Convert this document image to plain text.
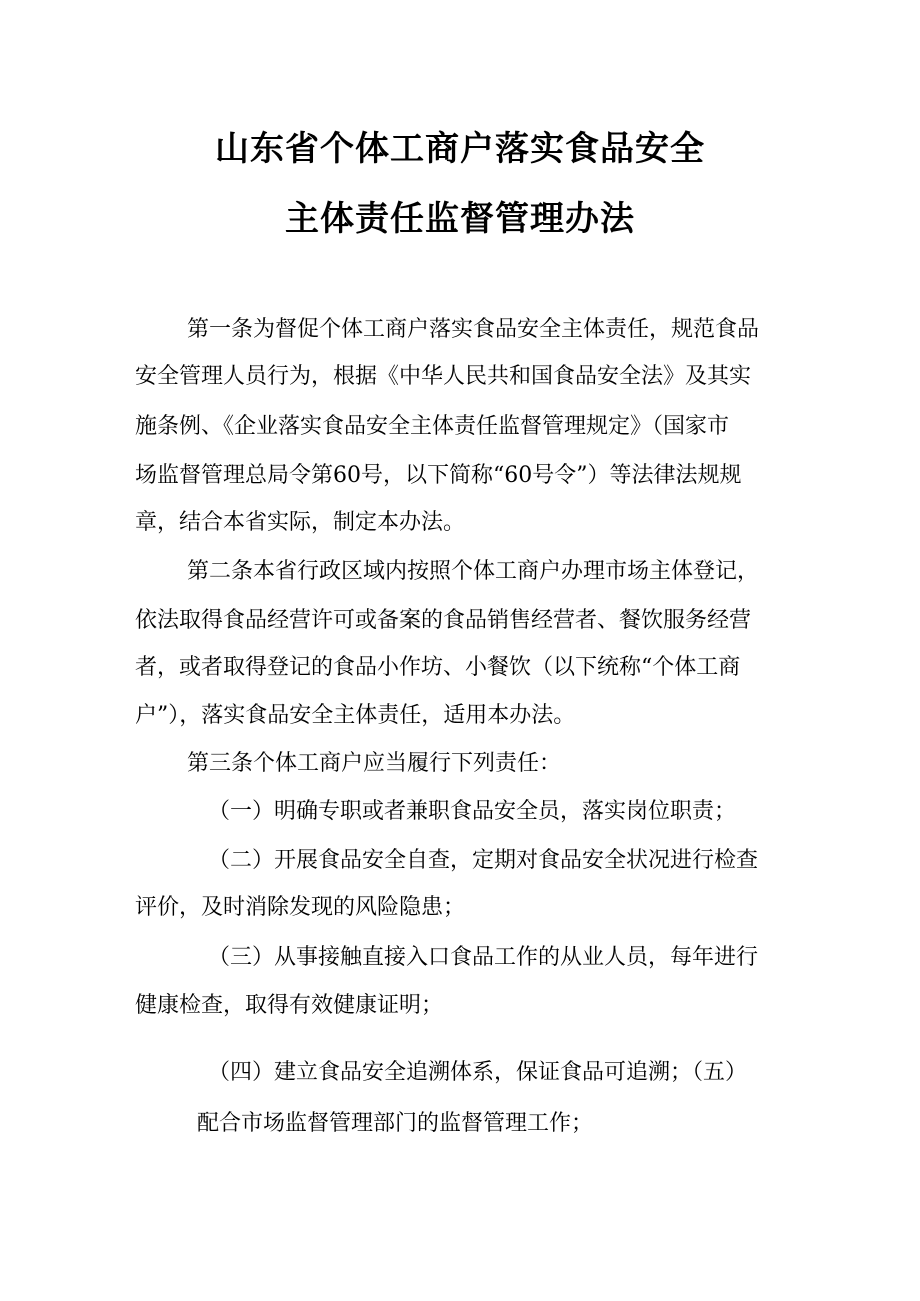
山东省个体工商户落实食品安全
主体责任监督管理办法
第一条为督促个体工商户落实食品安全主体责任，规范食品
安全管理人员行为，根据《中华人民共和国食品安全法》及其实
施条例、《企业落实食品安全主体责任监督管理规定》（国家市
场监督管理总局令第60号，以下简称“60号令”）等法律法规规
章，结合本省实际，制定本办法。
第二条本省行政区域内按照个体工商户办理市场主体登记，
依法取得食品经营许可或备案的食品销售经营者、餐饮服务经营
者，或者取得登记的食品小作坊、小餐饮（以下统称“个体工商
户”），落实食品安全主体责任，适用本办法。
第三条个体工商户应当履行下列责任：
（一）明确专职或者兼职食品安全员，落实岗位职责；
（二）开展食品安全自查，定期对食品安全状况进行检查
评价，及时消除发现的风险隐患；
（三）从事接触直接入口食品工作的从业人员，每年进行
健康检查，取得有效健康证明；
（四）建立食品安全追溯体系，保证食品可追溯；（五）
配合市场监督管理部门的监督管理工作；
